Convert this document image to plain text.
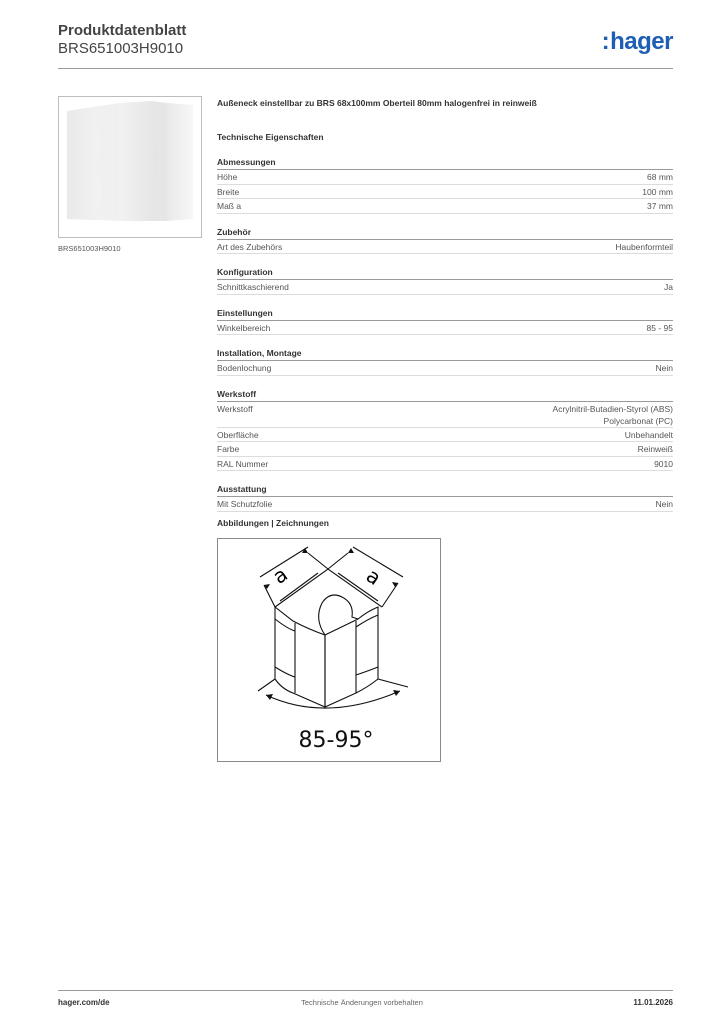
Produktdatenblatt
BRS651003H9010	:hager
BRS651003H9010
Außeneck einstellbar zu BRS 68x100mm Oberteil 80mm halogenfrei in reinweiß
Technische Eigenschaften
Abmessungen
Höhe	68 mm
Breite	100 mm
Maß a	37 mm
Zubehör
Art des Zubehörs	Haubenformteil
Konfiguration
Schnittkaschierend	Ja
Einstellungen
Winkelbereich	85 - 95
Installation, Montage
Bodenlochung	Nein
Werkstoff
Werkstoff	Acrylnitril-Butadien-Styrol (ABS)
Polycarbonat (PC)
Oberfläche	Unbehandelt
Farbe	Reinweiß
RAL Nummer	9010
Ausstattung
Mit Schutzfolie	Nein
Abbildungen | Zeichnungen
a	a
85-95°
hager.com/de	Technische Änderungen vorbehalten	11.01.2026
